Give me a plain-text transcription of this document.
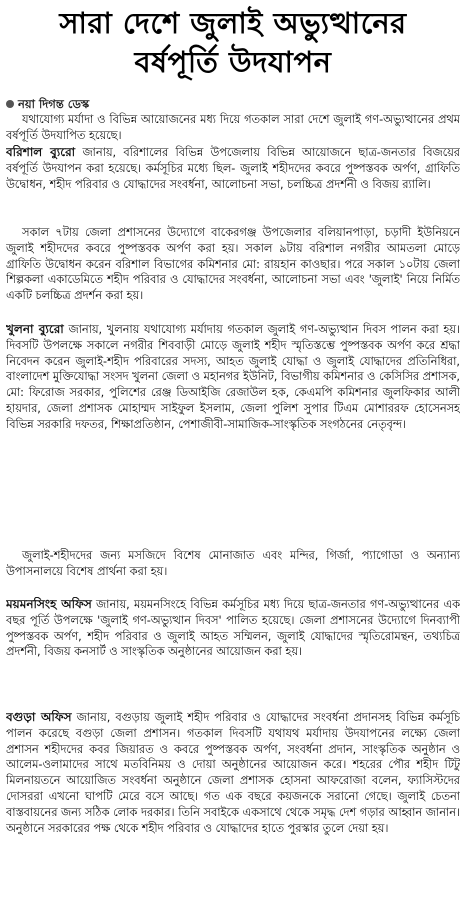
সারা দেশে জুলাই অভ্যুত্থানের
বর্ষপূর্তি উদযাপন
নয়া দিগন্ত ডেস্ক

যথাযোগ্য মর্যাদা ও বিভিন্ন আয়োজনের মধ্য দিয়ে গতকাল সারা দেশে জুলাই গণ-অভ্যুত্থানের প্রথম বর্ষপূর্তি উদযাপিত হয়েছে।

বরিশাল ব্যুরো জানায়, বরিশালের বিভিন্ন উপজেলায় বিভিন্ন আয়োজনে ছাত্র-জনতার বিজয়ের বর্ষপূর্তি উদযাপন করা হয়েছে। কর্মসূচির মধ্যে ছিল- জুলাই শহীদদের কবরে পুষ্পস্তবক অর্পণ, গ্রাফিতি উদ্বোধন, শহীদ পরিবার ও যোদ্ধাদের সংবর্ধনা, আলোচনা সভা, চলচ্চিত্র প্রদর্শনী ও বিজয় র‌্যালি।

সকাল ৭টায় জেলা প্রশাসনের উদ্যোগে বাকেরগঞ্জ উপজেলার বলিয়ানপাড়া, চড়াদী ইউনিয়নে জুলাই শহীদদের কবরে পুষ্পস্তবক অর্পণ করা হয়। সকাল ৯টায় বরিশাল নগরীর আমতলা মোড়ে গ্রাফিতি উদ্বোধন করেন বরিশাল বিভাগের কমিশনার মো: রায়হান কাওছার। পরে সকাল ১০টায় জেলা শিল্পকলা একাডেমিতে শহীদ পরিবার ও যোদ্ধাদের সংবর্ধনা, আলোচনা সভা এবং 'জুলাই' নিয়ে নির্মিত একটি চলচ্চিত্র প্রদর্শন করা হয়।

খুলনা ব্যুরো জানায়, খুলনায় যথাযোগ্য মর্যাদায় গতকাল জুলাই গণ-অভ্যুত্থান দিবস পালন করা হয়। দিবসটি উপলক্ষে সকালে নগরীর শিববাড়ী মোড়ে জুলাই শহীদ স্মৃতিস্তম্ভে পুষ্পস্তবক অর্পণ করে শ্রদ্ধা নিবেদন করেন জুলাই-শহীদ পরিবারের সদস্য, আহত জুলাই যোদ্ধা ও জুলাই যোদ্ধাদের প্রতিনিধিরা, বাংলাদেশ মুক্তিযোদ্ধা সংসদ খুলনা জেলা ও মহানগর ইউনিট, বিভাগীয় কমিশনার ও কেসিসির প্রশাসক, মো: ফিরোজ সরকার, পুলিশের রেঞ্জ ডিআইজি রেজাউল হক, কেএমপি কমিশনার জুলফিকার আলী হায়দার, জেলা প্রশাসক মোহাম্মদ সাইফুল ইসলাম, জেলা পুলিশ সুপার টিএম মোশাররফ হোসেনসহ বিভিন্ন সরকারি দফতর, শিক্ষাপ্রতিষ্ঠান, পেশাজীবী-সামাজিক-সাংস্কৃতিক সংগঠনের নেতৃবৃন্দ।

জুলাই-শহীদদের জন্য মসজিদে বিশেষ মোনাজাত এবং মন্দির, গির্জা, প্যাগোডা ও অন্যান্য উপাসনালয়ে বিশেষ প্রার্থনা করা হয়।

ময়মনসিংহ অফিস জানায়, ময়মনসিংহে বিভিন্ন কর্মসূচির মধ্য দিয়ে ছাত্র-জনতার গণ-অভ্যুত্থানের এক বছর পূর্তি উপলক্ষে 'জুলাই গণ-অভ্যুত্থান দিবস' পালিত হয়েছে। জেলা প্রশাসনের উদ্যোগে দিনব্যাপী পুষ্পস্তবক অর্পণ, শহীদ পরিবার ও জুলাই আহত সম্মিলন, জুলাই যোদ্ধাদের স্মৃতিরোমন্থন, তথ্যচিত্র প্রদর্শনী, বিজয় কনসার্ট ও সাংস্কৃতিক অনুষ্ঠানের আয়োজন করা হয়।

বগুড়া অফিস জানায়, বগুড়ায় জুলাই শহীদ পরিবার ও যোদ্ধাদের সংবর্ধনা প্রদানসহ বিভিন্ন কর্মসূচি পালন করেছে বগুড়া জেলা প্রশাসন। গতকাল দিবসটি যথাযথ মর্যাদায় উদযাপনের লক্ষ্যে জেলা প্রশাসন শহীদদের কবর জিয়ারত ও কবরে পুষ্পস্তবক অর্পণ, সংবর্ধনা প্রদান, সাংস্কৃতিক অনুষ্ঠান ও আলেম-ওলামাদের সাথে মতবিনিময় ও দোয়া অনুষ্ঠানের আয়োজন করে। শহরের পৌর শহীদ টিটু মিলনায়তনে আয়োজিত সংবর্ধনা অনুষ্ঠানে জেলা প্রশাসক হোসনা আফরোজা বলেন, ফ্যাসিস্টদের দোসররা এখনো ঘাপটি মেরে বসে আছে। গত এক বছরে কয়জনকে সরানো গেছে। জুলাই চেতনা বাস্তবায়নের জন্য সঠিক লোক দরকার। তিনি সবাইকে একসাথে থেকে সমৃদ্ধ দেশ গড়ার আহ্বান জানান। অনুষ্ঠানে সরকারের পক্ষ থেকে শহীদ পরিবার ও যোদ্ধাদের হাতে পুরস্কার তুলে দেয়া হয়।
